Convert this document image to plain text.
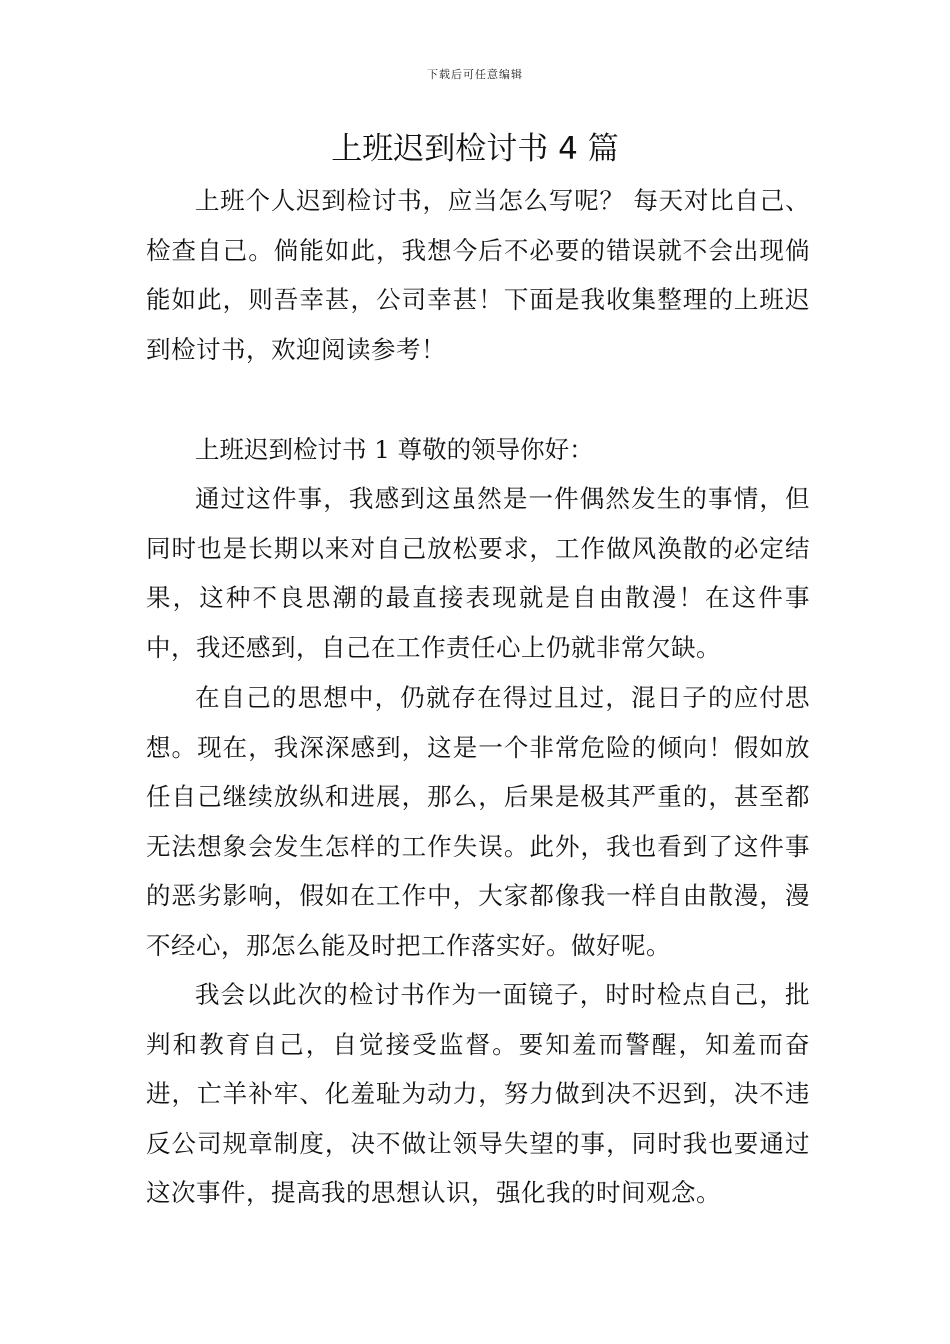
下载后可任意编辑
上班迟到检讨书 4 篇

上班个人迟到检讨书，应当怎么写呢？ 每天对比自己、检查自己。倘能如此，我想今后不必要的错误就不会出现倘能如此，则吾幸甚，公司幸甚！下面是我收集整理的上班迟到检讨书，欢迎阅读参考！

上班迟到检讨书 1 尊敬的领导你好：

通过这件事，我感到这虽然是一件偶然发生的事情，但同时也是长期以来对自己放松要求，工作做风涣散的必定结果，这种不良思潮的最直接表现就是自由散漫！在这件事中，我还感到，自己在工作责任心上仍就非常欠缺。

在自己的思想中，仍就存在得过且过，混日子的应付思想。现在，我深深感到，这是一个非常危险的倾向！假如放任自己继续放纵和进展，那么，后果是极其严重的，甚至都无法想象会发生怎样的工作失误。此外，我也看到了这件事的恶劣影响，假如在工作中，大家都像我一样自由散漫，漫不经心，那怎么能及时把工作落实好。做好呢。

我会以此次的检讨书作为一面镜子，时时检点自己，批判和教育自己，自觉接受监督。要知羞而警醒，知羞而奋进，亡羊补牢、化羞耻为动力，努力做到决不迟到，决不违反公司规章制度，决不做让领导失望的事，同时我也要通过这次事件，提高我的思想认识，强化我的时间观念。
